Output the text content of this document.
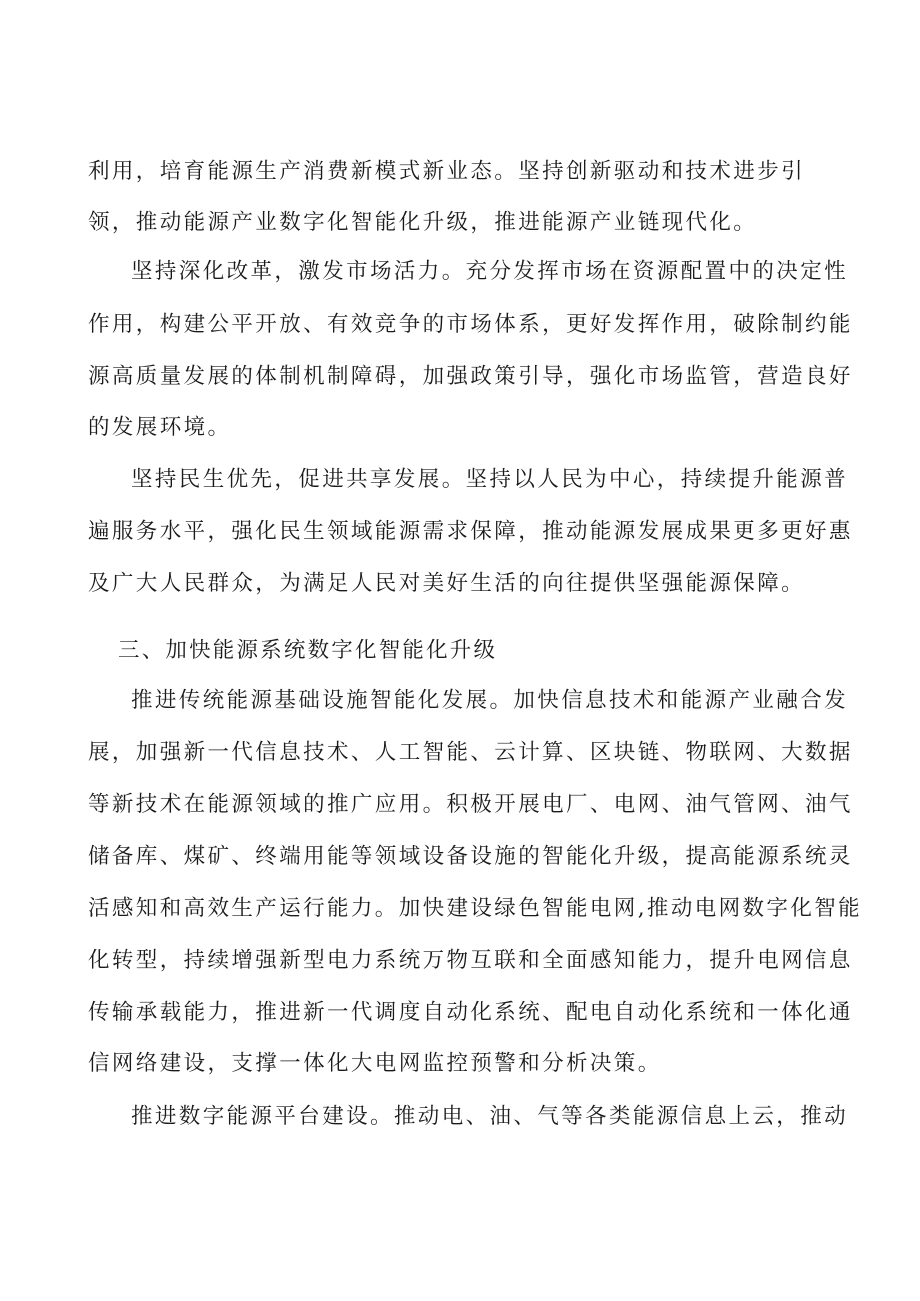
利用，培育能源生产消费新模式新业态。坚持创新驱动和技术进步引
领，推动能源产业数字化智能化升级，推进能源产业链现代化。
坚持深化改革，激发市场活力。充分发挥市场在资源配置中的决定性
作用，构建公平开放、有效竞争的市场体系，更好发挥作用，破除制约能
源高质量发展的体制机制障碍，加强政策引导，强化市场监管，营造良好
的发展环境。
坚持民生优先，促进共享发展。坚持以人民为中心，持续提升能源普
遍服务水平，强化民生领域能源需求保障，推动能源发展成果更多更好惠
及广大人民群众，为满足人民对美好生活的向往提供坚强能源保障。
三、加快能源系统数字化智能化升级
推进传统能源基础设施智能化发展。加快信息技术和能源产业融合发
展，加强新一代信息技术、人工智能、云计算、区块链、物联网、大数据
等新技术在能源领域的推广应用。积极开展电厂、电网、油气管网、油气
储备库、煤矿、终端用能等领域设备设施的智能化升级，提高能源系统灵
活感知和高效生产运行能力。加快建设绿色智能电网,推动电网数字化智能
化转型，持续增强新型电力系统万物互联和全面感知能力，提升电网信息
传输承载能力，推进新一代调度自动化系统、配电自动化系统和一体化通
信网络建设，支撑一体化大电网监控预警和分析决策。
推进数字能源平台建设。推动电、油、气等各类能源信息上云，推动
